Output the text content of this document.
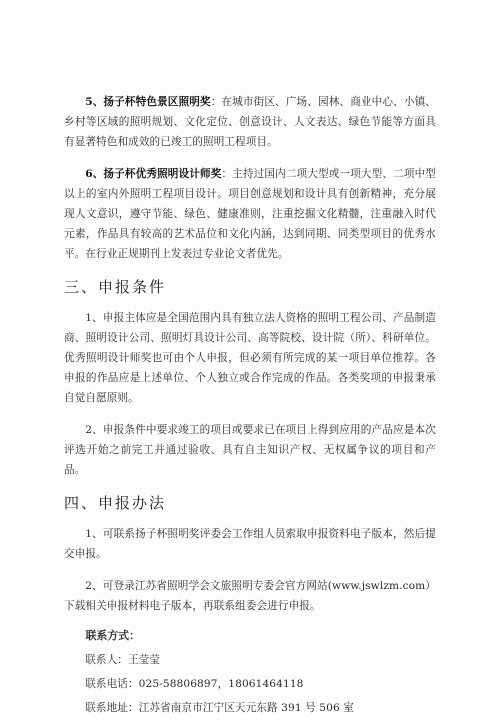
5、扬子杯特色景区照明奖：在城市街区、广场、园林、商业中心、小镇、乡村等区域的照明规划、文化定位、创意设计、人文表达、绿色节能等方面具有显著特色和成效的已竣工的照明工程项目。

6、扬子杯优秀照明设计师奖：主持过国内二项大型或一项大型、二项中型以上的室内外照明工程项目设计。项目创意规划和设计具有创新精神，充分展现人文意识，遵守节能、绿色、健康准则，注重挖掘文化精髓，注重融入时代元素，作品具有较高的艺术品位和文化内涵，达到同期、同类型项目的优秀水平。在行业正规期刊上发表过专业论文者优先。

三、申报条件

1、申报主体应是全国范围内具有独立法人资格的照明工程公司、产品制造商、照明设计公司、照明灯具设计公司、高等院校、设计院（所）、科研单位。优秀照明设计师奖也可由个人申报，但必须有所完成的某一项目单位推荐。各申报的作品应是上述单位、个人独立或合作完成的作品。各类奖项的申报秉承自觉自愿原则。

2、申报条件中要求竣工的项目或要求已在项目上得到应用的产品应是本次评选开始之前完工并通过验收、具有自主知识产权、无权属争议的项目和产品。

四、申报办法

1、可联系扬子杯照明奖评委会工作组人员索取申报资料电子版本，然后提交申报。

2、可登录江苏省照明学会文旅照明专委会官方网站(www.jswlzm.com）下载相关申报材料电子版本，再联系组委会进行申报。

联系方式：

联系人：王莹莹

联系电话：025-58806897，18061464118

联系地址：江苏省南京市江宁区天元东路 391 号 506 室
